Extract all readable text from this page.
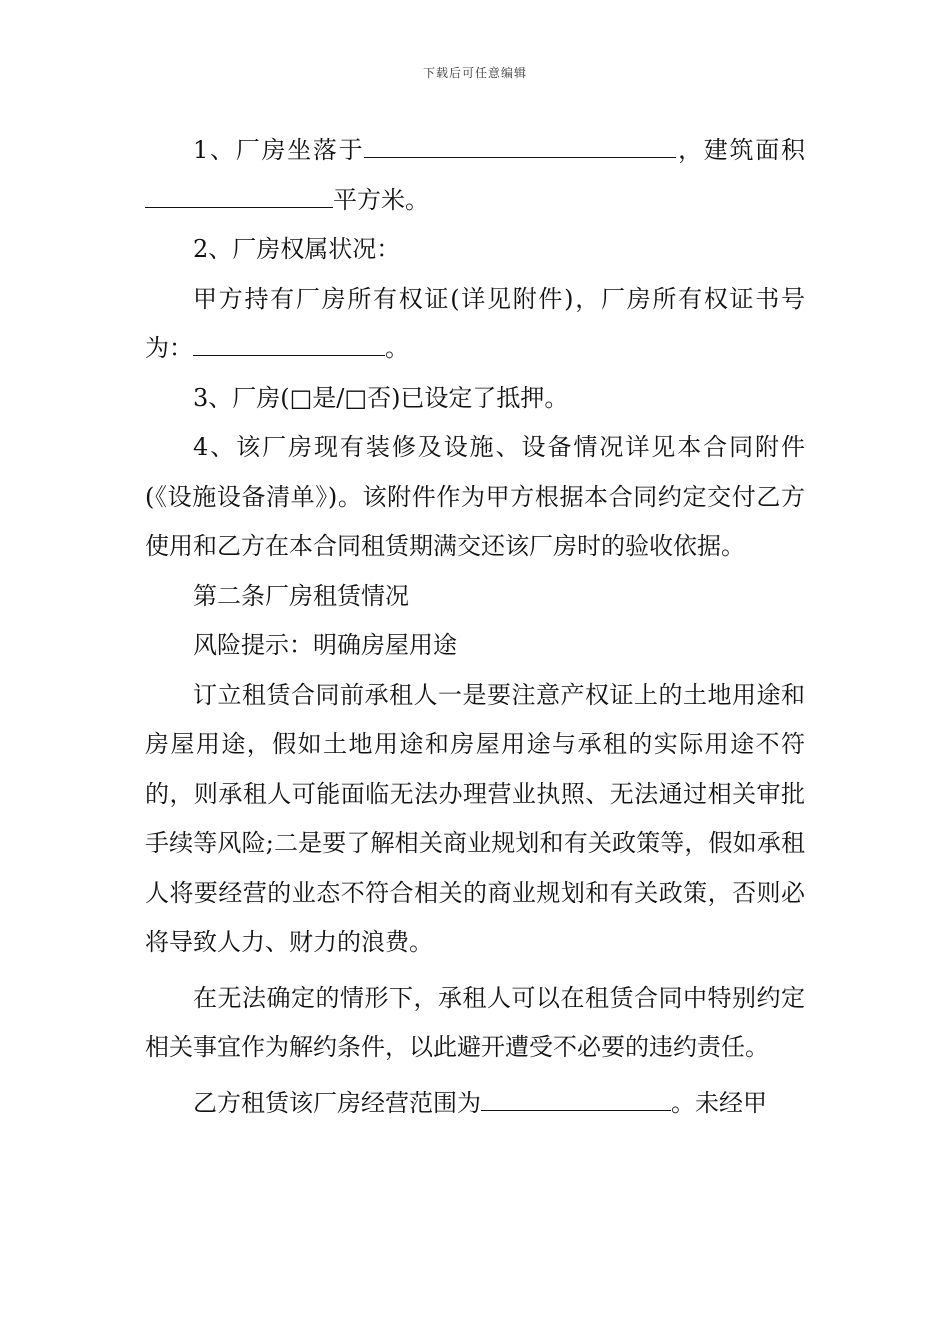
下载后可任意编辑

1、厂房坐落于	，建筑面积平方米。

2、厂房权属状况：

甲方持有厂房所有权证(详见附件)，厂房所有权证书号为：	。

3、厂房(□是/□否)已设定了抵押。

4、该厂房现有装修及设施、设备情况详见本合同附件(《设施设备清单》)。该附件作为甲方根据本合同约定交付乙方使用和乙方在本合同租赁期满交还该厂房时的验收依据。

第二条厂房租赁情况

风险提示：明确房屋用途

订立租赁合同前承租人一是要注意产权证上的土地用途和房屋用途，假如土地用途和房屋用途与承租的实际用途不符的，则承租人可能面临无法办理营业执照、无法通过相关审批手续等风险;二是要了解相关商业规划和有关政策等，假如承租人将要经营的业态不符合相关的商业规划和有关政策，否则必将导致人力、财力的浪费。

在无法确定的情形下，承租人可以在租赁合同中特别约定相关事宜作为解约条件，以此避开遭受不必要的违约责任。

乙方租赁该厂房经营范围为	。未经甲
